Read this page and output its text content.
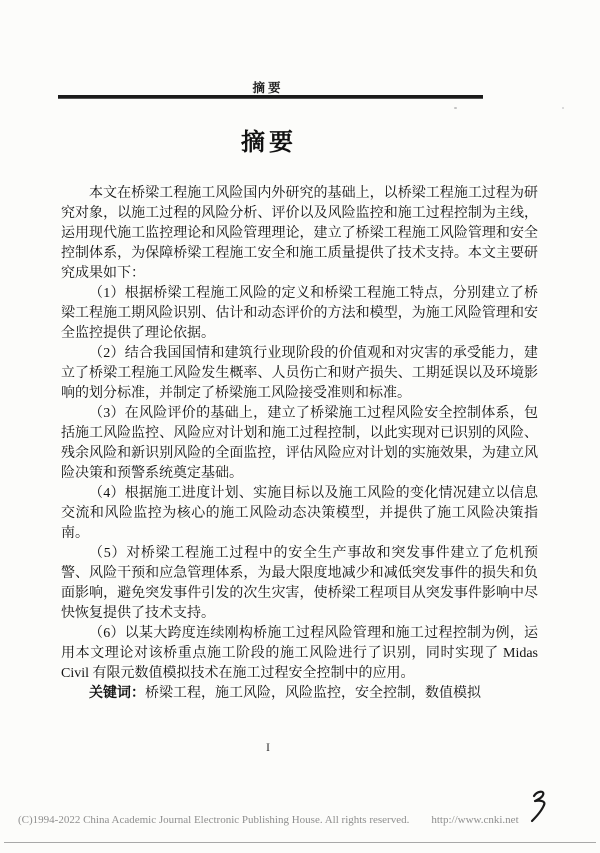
摘要
摘要

本文在桥梁工程施工风险国内外研究的基础上，以桥梁工程施工过程为研究对象，以施工过程的风险分析、评价以及风险监控和施工过程控制为主线，运用现代施工监控理论和风险管理理论，建立了桥梁工程施工风险管理和安全控制体系，为保障桥梁工程施工安全和施工质量提供了技术支持。本文主要研究成果如下：

（1）根据桥梁工程施工风险的定义和桥梁工程施工特点，分别建立了桥梁工程施工期风险识别、估计和动态评价的方法和模型，为施工风险管理和安全监控提供了理论依据。

（2）结合我国国情和建筑行业现阶段的价值观和对灾害的承受能力，建立了桥梁工程施工风险发生概率、人员伤亡和财产损失、工期延误以及环境影响的划分标准，并制定了桥梁施工风险接受准则和标准。

（3）在风险评价的基础上，建立了桥梁施工过程风险安全控制体系，包括施工风险监控、风险应对计划和施工过程控制，以此实现对已识别的风险、残余风险和新识别风险的全面监控，评估风险应对计划的实施效果，为建立风险决策和预警系统奠定基础。

（4）根据施工进度计划、实施目标以及施工风险的变化情况建立以信息交流和风险监控为核心的施工风险动态决策模型，并提供了施工风险决策指南。

（5）对桥梁工程施工过程中的安全生产事故和突发事件建立了危机预警、风险干预和应急管理体系，为最大限度地减少和减低突发事件的损失和负面影响，避免突发事件引发的次生灾害，使桥梁工程项目从突发事件影响中尽快恢复提供了技术支持。

（6）以某大跨度连续刚构桥施工过程风险管理和施工过程控制为例，运用本文理论对该桥重点施工阶段的施工风险进行了识别，同时实现了 Midas Civil 有限元数值模拟技术在施工过程安全控制中的应用。

关键词：桥梁工程，施工风险，风险监控，安全控制，数值模拟

I
(C)1994-2022 China Academic Journal Electronic Publishing House. All rights reserved. http://www.cnki.net
